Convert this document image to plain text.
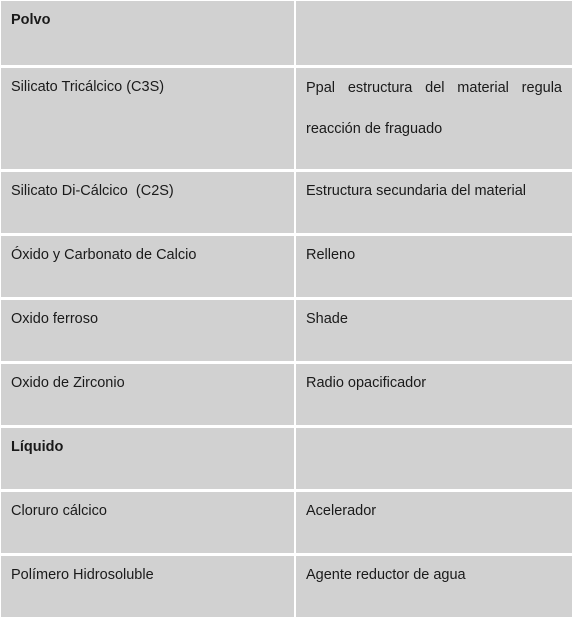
Polvo
Silicato Tricálcico (C3S)	Ppal estructura del material regula reacción de fraguado
Silicato Di-Cálcico  (C2S)	Estructura secundaria del material
Óxido y Carbonato de Calcio	Relleno
Oxido ferroso	Shade
Oxido de Zirconio	Radio opacificador
Líquido
Cloruro cálcico	Acelerador
Polímero Hidrosoluble	Agente reductor de agua
